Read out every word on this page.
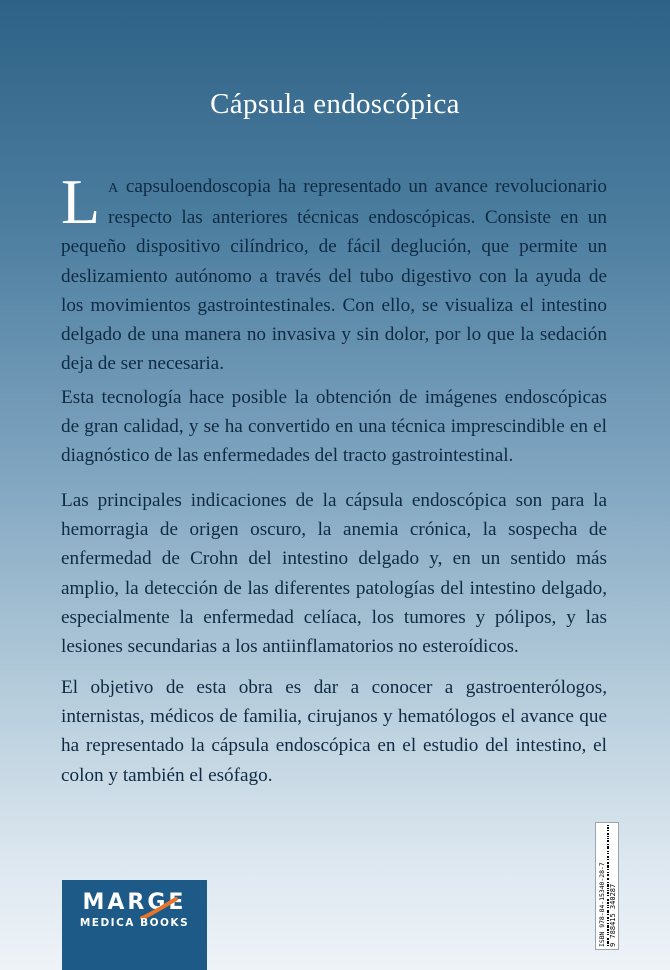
Cápsula endoscópica

LA capsuloendoscopia ha representado un avance revolucionario respecto las anteriores técnicas endoscópicas. Consiste en un pequeño dispositivo cilíndrico, de fácil deglución, que permite un deslizamiento autónomo a través del tubo digestivo con la ayuda de los movimientos gastrointestinales. Con ello, se visualiza el intestino delgado de una manera no invasiva y sin dolor, por lo que la sedación deja de ser necesaria.

Esta tecnología hace posible la obtención de imágenes endoscópicas de gran calidad, y se ha convertido en una técnica imprescindible en el diagnóstico de las enfermedades del tracto gastrointestinal.

Las principales indicaciones de la cápsula endoscópica son para la hemorragia de origen oscuro, la anemia crónica, la sospecha de enfermedad de Crohn del intestino delgado y, en un sentido más amplio, la detección de las diferentes patologías del intestino delgado, especialmente la enfermedad celíaca, los tumores y pólipos, y las lesiones secundarias a los antiinflamatorios no esteroídicos.

El objetivo de esta obra es dar a conocer a gastroenterólogos, internistas, médicos de familia, cirujanos y hematólogos el avance que ha representado la cápsula endoscópica en el estudio del intestino, el colon y también el esófago.

ISBN 978-84-15340-28-7 9 788415 340287
MARGE
MEDICA BOOKS
